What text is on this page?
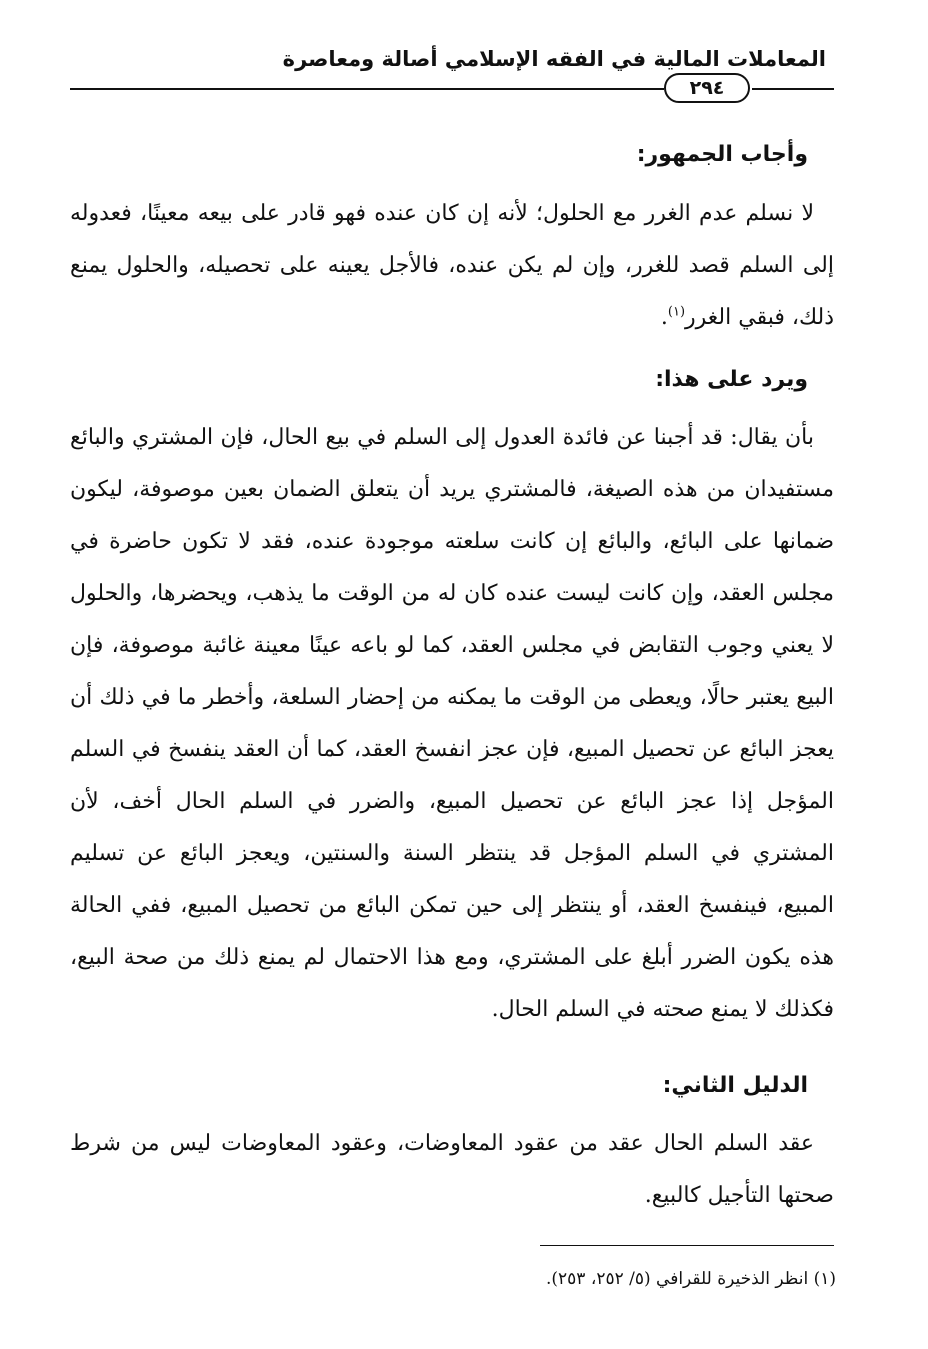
المعاملات المالية في الفقه الإسلامي أصالة ومعاصرة
٢٩٤
وأجاب الجمهور:
لا نسلم عدم الغرر مع الحلول؛ لأنه إن كان عنده فهو قادر على بيعه معينًا، فعدوله إلى السلم قصد للغرر، وإن لم يكن عنده، فالأجل يعينه على تحصيله، والحلول يمنع ذلك، فبقي الغرر$^{(١)}$.
ويرد على هذا:
بأن يقال: قد أجبنا عن فائدة العدول إلى السلم في بيع الحال، فإن المشتري والبائع مستفيدان من هذه الصيغة، فالمشتري يريد أن يتعلق الضمان بعين موصوفة، ليكون ضمانها على البائع، والبائع إن كانت سلعته موجودة عنده، فقد لا تكون حاضرة في مجلس العقد، وإن كانت ليست عنده كان له من الوقت ما يذهب، ويحضرها، والحلول لا يعني وجوب التقابض في مجلس العقد، كما لو باعه عينًا معينة غائبة موصوفة، فإن البيع يعتبر حالًا، ويعطى من الوقت ما يمكنه من إحضار السلعة، وأخطر ما في ذلك أن يعجز البائع عن تحصيل المبيع، فإن عجز انفسخ العقد، كما أن العقد ينفسخ في السلم المؤجل إذا عجز البائع عن تحصيل المبيع، والضرر في السلم الحال أخف، لأن المشتري في السلم المؤجل قد ينتظر السنة والسنتين، ويعجز البائع عن تسليم المبيع، فينفسخ العقد، أو ينتظر إلى حين تمكن البائع من تحصيل المبيع، ففي الحالة هذه يكون الضرر أبلغ على المشتري، ومع هذا الاحتمال لم يمنع ذلك من صحة البيع، فكذلك لا يمنع صحته في السلم الحال.
الدليل الثاني:
عقد السلم الحال عقد من عقود المعاوضات، وعقود المعاوضات ليس من شرط صحتها التأجيل كالبيع.
(١) انظر الذخيرة للقرافي (٥/ ٢٥٢، ٢٥٣).
